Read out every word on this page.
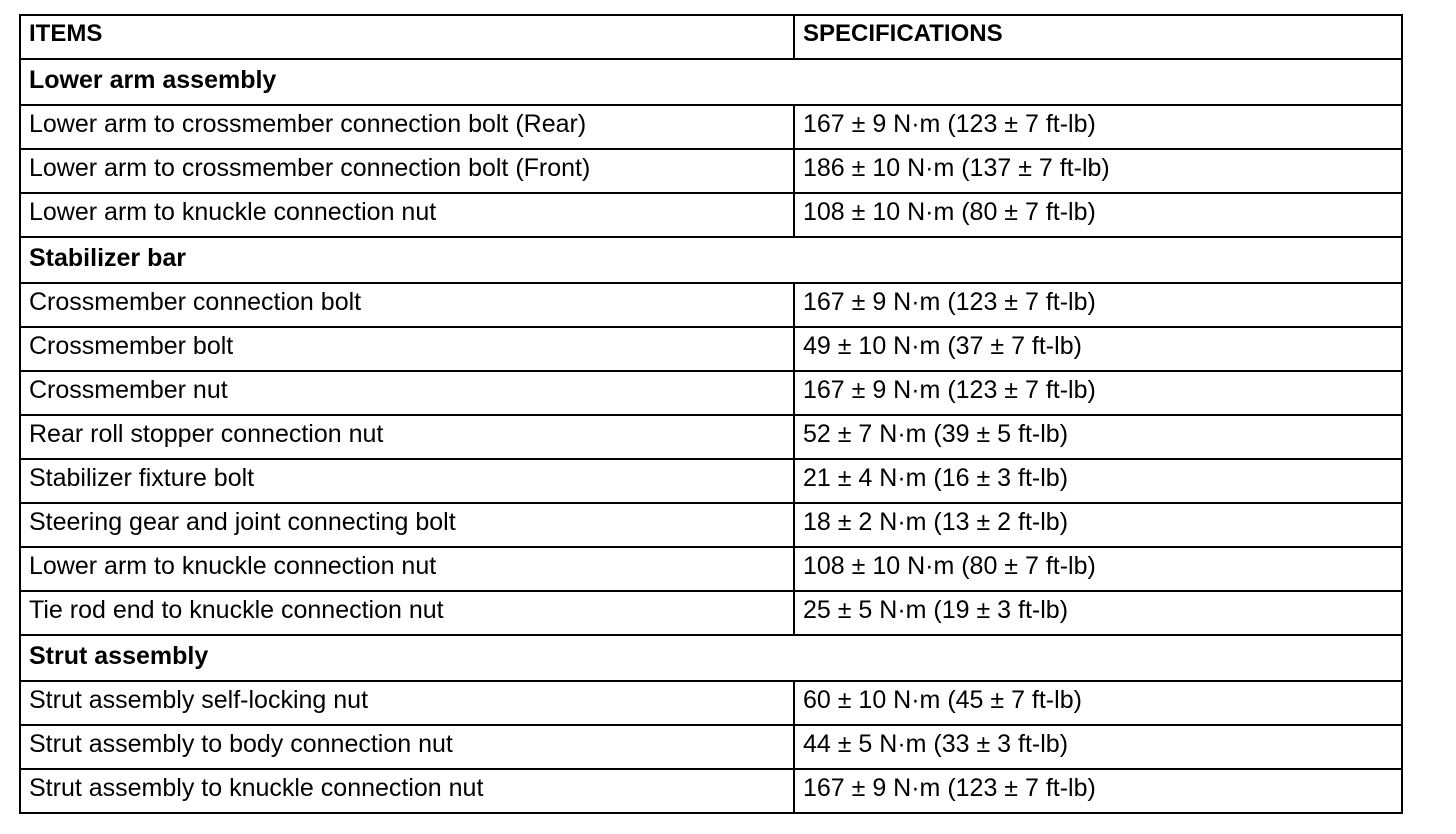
ITEMS	SPECIFICATIONS
Lower arm assembly	
Lower arm to crossmember connection bolt (Rear)	167 ± 9 N·m (123 ± 7 ft-lb)
Lower arm to crossmember connection bolt (Front)	186 ± 10 N·m (137 ± 7 ft-lb)
Lower arm to knuckle connection nut	108 ± 10 N·m (80 ± 7 ft-lb)
Stabilizer bar	
Crossmember connection bolt	167 ± 9 N·m (123 ± 7 ft-lb)
Crossmember bolt	49 ± 10 N·m (37 ± 7 ft-lb)
Crossmember nut	167 ± 9 N·m (123 ± 7 ft-lb)
Rear roll stopper connection nut	52 ± 7 N·m (39 ± 5 ft-lb)
Stabilizer fixture bolt	21 ± 4 N·m (16 ± 3 ft-lb)
Steering gear and joint connecting bolt	18 ± 2 N·m (13 ± 2 ft-lb)
Lower arm to knuckle connection nut	108 ± 10 N·m (80 ± 7 ft-lb)
Tie rod end to knuckle connection nut	25 ± 5 N·m (19 ± 3 ft-lb)
Strut assembly	
Strut assembly self-locking nut	60 ± 10 N·m (45 ± 7 ft-lb)
Strut assembly to body connection nut	44 ± 5 N·m (33 ± 3 ft-lb)
Strut assembly to knuckle connection nut	167 ± 9 N·m (123 ± 7 ft-lb)
